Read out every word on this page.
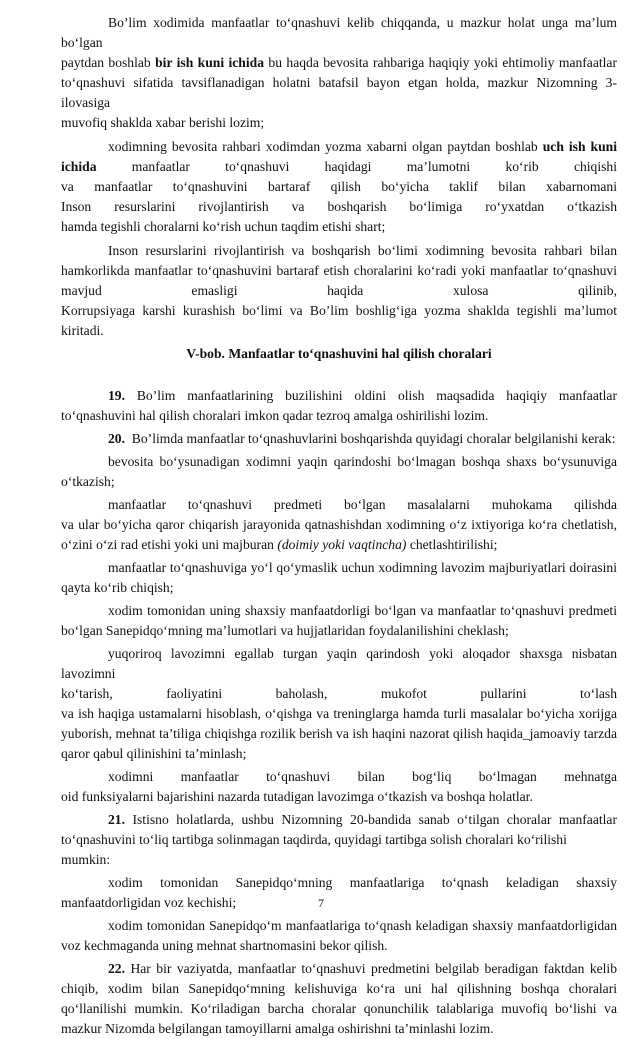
Bo’lim xodimida manfaatlar to‘qnashuvi kelib chiqqanda, u mazkur holat unga ma’lum bo‘lgan
paytdan boshlab bir ish kuni ichida bu haqda bevosita rahbariga haqiqiy yoki ehtimoliy manfaatlar
to‘qnashuvi sifatida tavsiflanadigan holatni batafsil bayon etgan holda, mazkur Nizomning 3-ilovasiga
muvofiq shaklda xabar berishi lozim;
xodimning bevosita rahbari xodimdan yozma xabarni olgan paytdan boshlab uch ish kuni
ichida manfaatlar to‘qnashuvi haqidagi ma’lumotni ko‘rib chiqishi
va manfaatlar to‘qnashuvini bartaraf qilish bo‘yicha taklif bilan xabarnomani
Inson resurslarini rivojlantirish va boshqarish bo‘limiga ro‘yxatdan o‘tkazish
hamda tegishli choralarni ko‘rish uchun taqdim etishi shart;
Inson resurslarini rivojlantirish va boshqarish bo‘limi xodimning bevosita rahbari bilan
hamkorlikda manfaatlar to‘qnashuvini bartaraf etish choralarini ko‘radi yoki manfaatlar to‘qnashuvi
mavjud emasligi haqida xulosa qilinib,
Korrupsiyaga karshi kurashish bo‘limi va Bo’lim boshlig‘iga yozma shaklda tegishli ma’lumot
kiritadi.
V-bob. Manfaatlar to‘qnashuvini hal qilish choralari
19. Bo’lim manfaatlarining buzilishini oldini olish maqsadida haqiqiy manfaatlar
to‘qnashuvini hal qilish choralari imkon qadar tezroq amalga oshirilishi lozim.
20.  Bo’limda manfaatlar to‘qnashuvlarini boshqarishda quyidagi choralar belgilanishi kerak:
bevosita bo‘ysunadigan xodimni yaqin qarindoshi bo‘lmagan boshqa shaxs bo‘ysunuviga
o‘tkazish;
manfaatlar to‘qnashuvi predmeti bo‘lgan masalalarni muhokama qilishda
va ular bo‘yicha qaror chiqarish jarayonida qatnashishdan xodimning o‘z ixtiyoriga ko‘ra chetlatish,
o‘zini o‘zi rad etishi yoki uni majburan (doimiy yoki vaqtincha) chetlashtirilishi;
manfaatlar to‘qnashuviga yo‘l qo‘ymaslik uchun xodimning lavozim majburiyatlari doirasini
qayta ko‘rib chiqish;
xodim tomonidan uning shaxsiy manfaatdorligi bo‘lgan va manfaatlar to‘qnashuvi predmeti
bo‘lgan Sanepidqo‘mning ma’lumotlari va hujjatlaridan foydalanilishini cheklash;
yuqoriroq lavozimni egallab turgan yaqin qarindosh yoki aloqador shaxsga nisbatan lavozimni
ko‘tarish, faoliyatini baholash, mukofot pullarini to‘lash
va ish haqiga ustamalarni hisoblash, o‘qishga va treninglarga hamda turli masalalar bo‘yicha xorijga
yuborish, mehnat ta’tiliga chiqishga rozilik berish va ish haqini nazorat qilish haqida_jamoaviy tarzda
qaror qabul qilinishini ta’minlash;
xodimni manfaatlar to‘qnashuvi bilan bog‘liq bo‘lmagan mehnatga
oid funksiyalarni bajarishini nazarda tutadigan lavozimga o‘tkazish va boshqa holatlar.
21. Istisno holatlarda, ushbu Nizomning 20-bandida sanab o‘tilgan choralar manfaatlar
to‘qnashuvini to‘liq tartibga solinmagan taqdirda, quyidagi tartibga solish choralari ko‘rilishi mumkin:
xodim tomonidan Sanepidqo‘mning manfaatlariga to‘qnash keladigan shaxsiy
manfaatdorligidan voz kechishi;
xodim tomonidan Sanepidqo‘m manfaatlariga to‘qnash keladigan shaxsiy manfaatdorligidan
voz kechmaganda uning mehnat shartnomasini bekor qilish.
22. Har bir vaziyatda, manfaatlar to‘qnashuvi predmetini belgilab beradigan faktdan kelib
chiqib, xodim bilan Sanepidqo‘mning kelishuviga ko‘ra uni hal qilishning boshqa choralari
qo‘llanilishi mumkin. Ko‘riladigan barcha choralar qonunchilik talablariga muvofiq bo‘lishi va
mazkur Nizomda belgilangan tamoyillarni amalga oshirishni ta’minlashi lozim.
7
